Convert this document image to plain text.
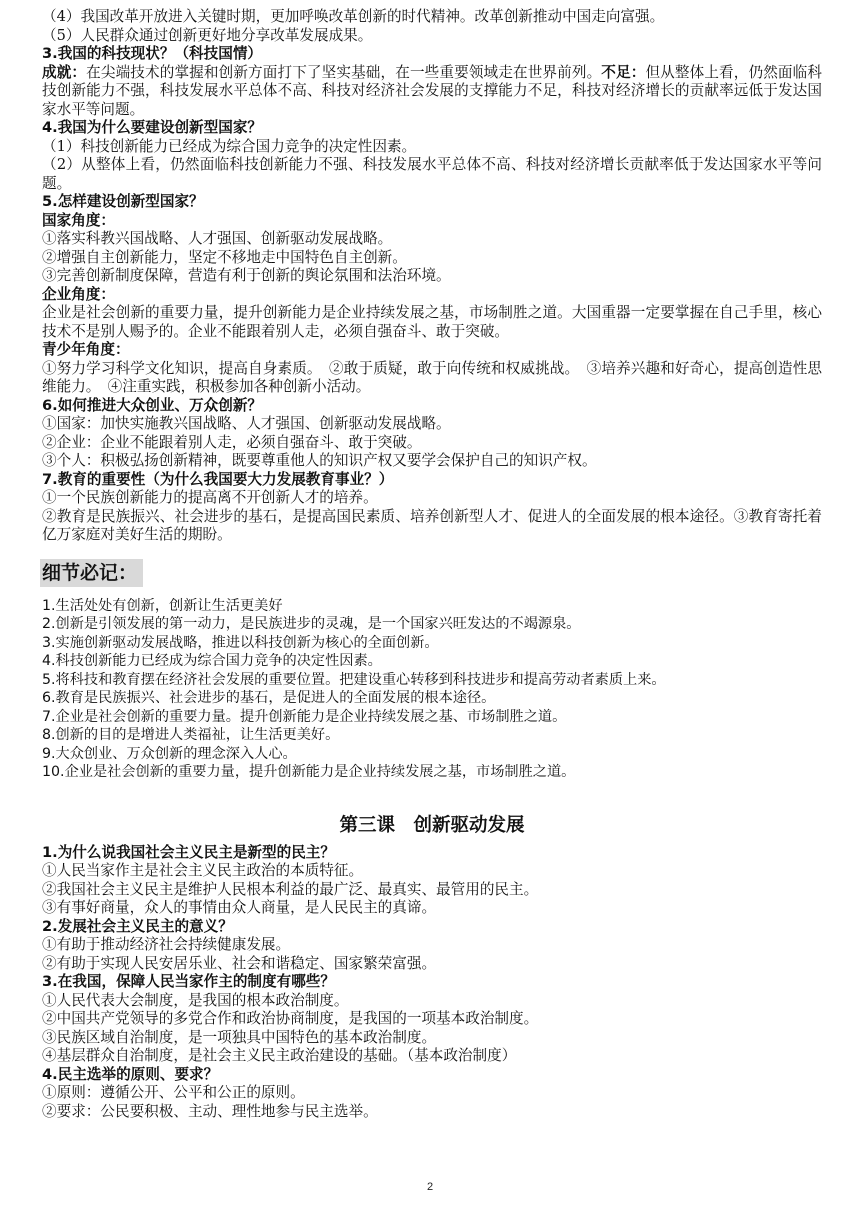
（4）我国改革开放进入关键时期，更加呼唤改革创新的时代精神。改革创新推动中国走向富强。
（5）人民群众通过创新更好地分享改革发展成果。
3.我国的科技现状？（科技国情）
成就：在尖端技术的掌握和创新方面打下了坚实基础，在一些重要领域走在世界前列。不足：但从整体上看，仍然面临科技创新能力不强，科技发展水平总体不高、科技对经济社会发展的支撑能力不足，科技对经济增长的贡献率远低于发达国家水平等问题。
4.我国为什么要建设创新型国家？
（1）科技创新能力已经成为综合国力竞争的决定性因素。
（2）从整体上看，仍然面临科技创新能力不强、科技发展水平总体不高、科技对经济增长贡献率低于发达国家水平等问题。
5.怎样建设创新型国家？
国家角度：
①落实科教兴国战略、人才强国、创新驱动发展战略。
②增强自主创新能力，坚定不移地走中国特色自主创新。
③完善创新制度保障，营造有利于创新的舆论氛围和法治环境。
企业角度：
企业是社会创新的重要力量，提升创新能力是企业持续发展之基，市场制胜之道。大国重器一定要掌握在自己手里，核心技术不是别人赐予的。企业不能跟着别人走，必须自强奋斗、敢于突破。
青少年角度：
①努力学习科学文化知识，提高自身素质。　②敢于质疑，敢于向传统和权威挑战。　③培养兴趣和好奇心，提高创造性思维能力。　④注重实践，积极参加各种创新小活动。
6.如何推进大众创业、万众创新？
①国家：加快实施教兴国战略、人才强国、创新驱动发展战略。
②企业：企业不能跟着别人走，必须自强奋斗、敢于突破。
③个人：积极弘扬创新精神，既要尊重他人的知识产权又要学会保护自己的知识产权。
7.教育的重要性（为什么我国要大力发展教育事业？）
①一个民族创新能力的提高离不开创新人才的培养。
②教育是民族振兴、社会进步的基石，是提高国民素质、培养创新型人才、促进人的全面发展的根本途径。③教育寄托着亿万家庭对美好生活的期盼。
细节必记：
1.生活处处有创新，创新让生活更美好
2.创新是引领发展的第一动力，是民族进步的灵魂，是一个国家兴旺发达的不竭源泉。
3.实施创新驱动发展战略，推进以科技创新为核心的全面创新。
4.科技创新能力已经成为综合国力竞争的决定性因素。
5.将科技和教育摆在经济社会发展的重要位置。把建设重心转移到科技进步和提高劳动者素质上来。
6.教育是民族振兴、社会进步的基石，是促进人的全面发展的根本途径。
7.企业是社会创新的重要力量。提升创新能力是企业持续发展之基、市场制胜之道。
8.创新的目的是增进人类福祉，让生活更美好。
9.大众创业、万众创新的理念深入人心。
10.企业是社会创新的重要力量，提升创新能力是企业持续发展之基，市场制胜之道。
第三课　创新驱动发展
1.为什么说我国社会主义民主是新型的民主？
①人民当家作主是社会主义民主政治的本质特征。
②我国社会主义民主是维护人民根本利益的最广泛、最真实、最管用的民主。
③有事好商量，众人的事情由众人商量，是人民民主的真谛。
2.发展社会主义民主的意义？
①有助于推动经济社会持续健康发展。
②有助于实现人民安居乐业、社会和谐稳定、国家繁荣富强。
3.在我国，保障人民当家作主的制度有哪些？
①人民代表大会制度，是我国的根本政治制度。
②中国共产党领导的多党合作和政治协商制度，是我国的一项基本政治制度。
③民族区域自治制度，是一项独具中国特色的基本政治制度。
④基层群众自治制度，是社会主义民主政治建设的基础。（基本政治制度）
4.民主选举的原则、要求？
①原则：遵循公开、公平和公正的原则。
②要求：公民要积极、主动、理性地参与民主选举。
2
